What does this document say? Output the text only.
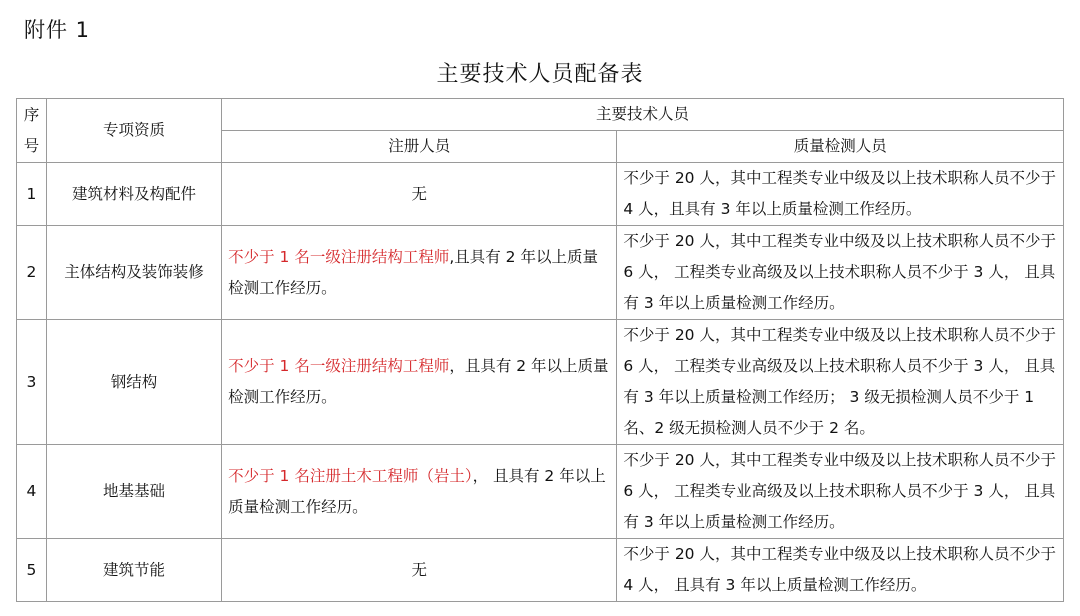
附件 1
主要技术人员配备表
序
号	专项资质	主要技术人员	
		注册人员	质量检测人员
1	建筑材料及构配件	无	不少于 20 人，其中工程类专业中级及以上技术职称人员不少于 4 人，且具有 3 年以上质量检测工作经历。
2	主体结构及装饰装修	不少于 1 名一级注册结构工程师,且具有 2 年以上质量检测工作经历。	不少于 20 人，其中工程类专业中级及以上技术职称人员不少于 6 人， 工程类专业高级及以上技术职称人员不少于 3 人， 且具有 3 年以上质量检测工作经历。
3	钢结构	不少于 1 名一级注册结构工程师，且具有 2 年以上质量检测工作经历。	不少于 20 人，其中工程类专业中级及以上技术职称人员不少于 6 人， 工程类专业高级及以上技术职称人员不少于 3 人， 且具有 3 年以上质量检测工作经历； 3 级无损检测人员不少于 1 名、2 级无损检测人员不少于 2 名。
4	地基基础	不少于 1 名注册土木工程师（岩土）， 且具有 2 年以上质量检测工作经历。	不少于 20 人，其中工程类专业中级及以上技术职称人员不少于 6 人， 工程类专业高级及以上技术职称人员不少于 3 人， 且具有 3 年以上质量检测工作经历。
5	建筑节能	无	不少于 20 人，其中工程类专业中级及以上技术职称人员不少于 4 人， 且具有 3 年以上质量检测工作经历。
